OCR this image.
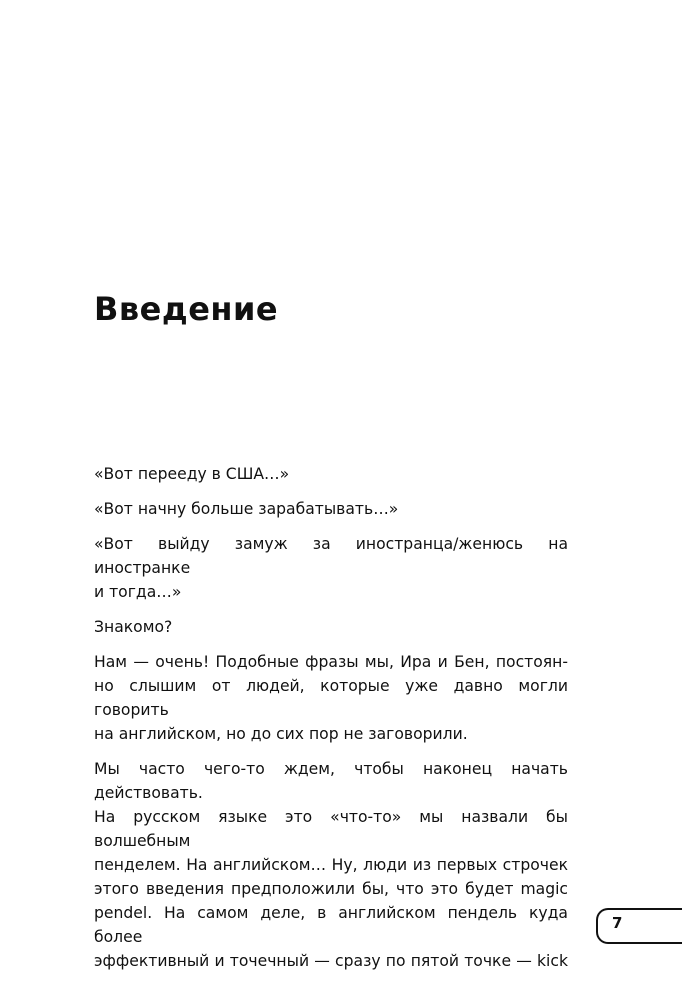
Введение

«Вот перееду в США…»

«Вот начну больше зарабатывать…»

«Вот выйду замуж за иностранца/женюсь на иностранке
и тогда…»

Знакомо?

Нам — очень! Подобные фразы мы, Ира и Бен, постоян-
но слышим от людей, которые уже давно могли говорить
на английском, но до сих пор не заговорили.

Мы часто чего-то ждем, чтобы наконец начать действовать.
На русском языке это «что-то» мы назвали бы волшебным
пенделем. На английском… Ну, люди из первых строчек
этого введения предположили бы, что это будет magic
pendel. На самом деле, в английском пендель куда более
эффективный и точечный — сразу по пятой точке — kick

7
